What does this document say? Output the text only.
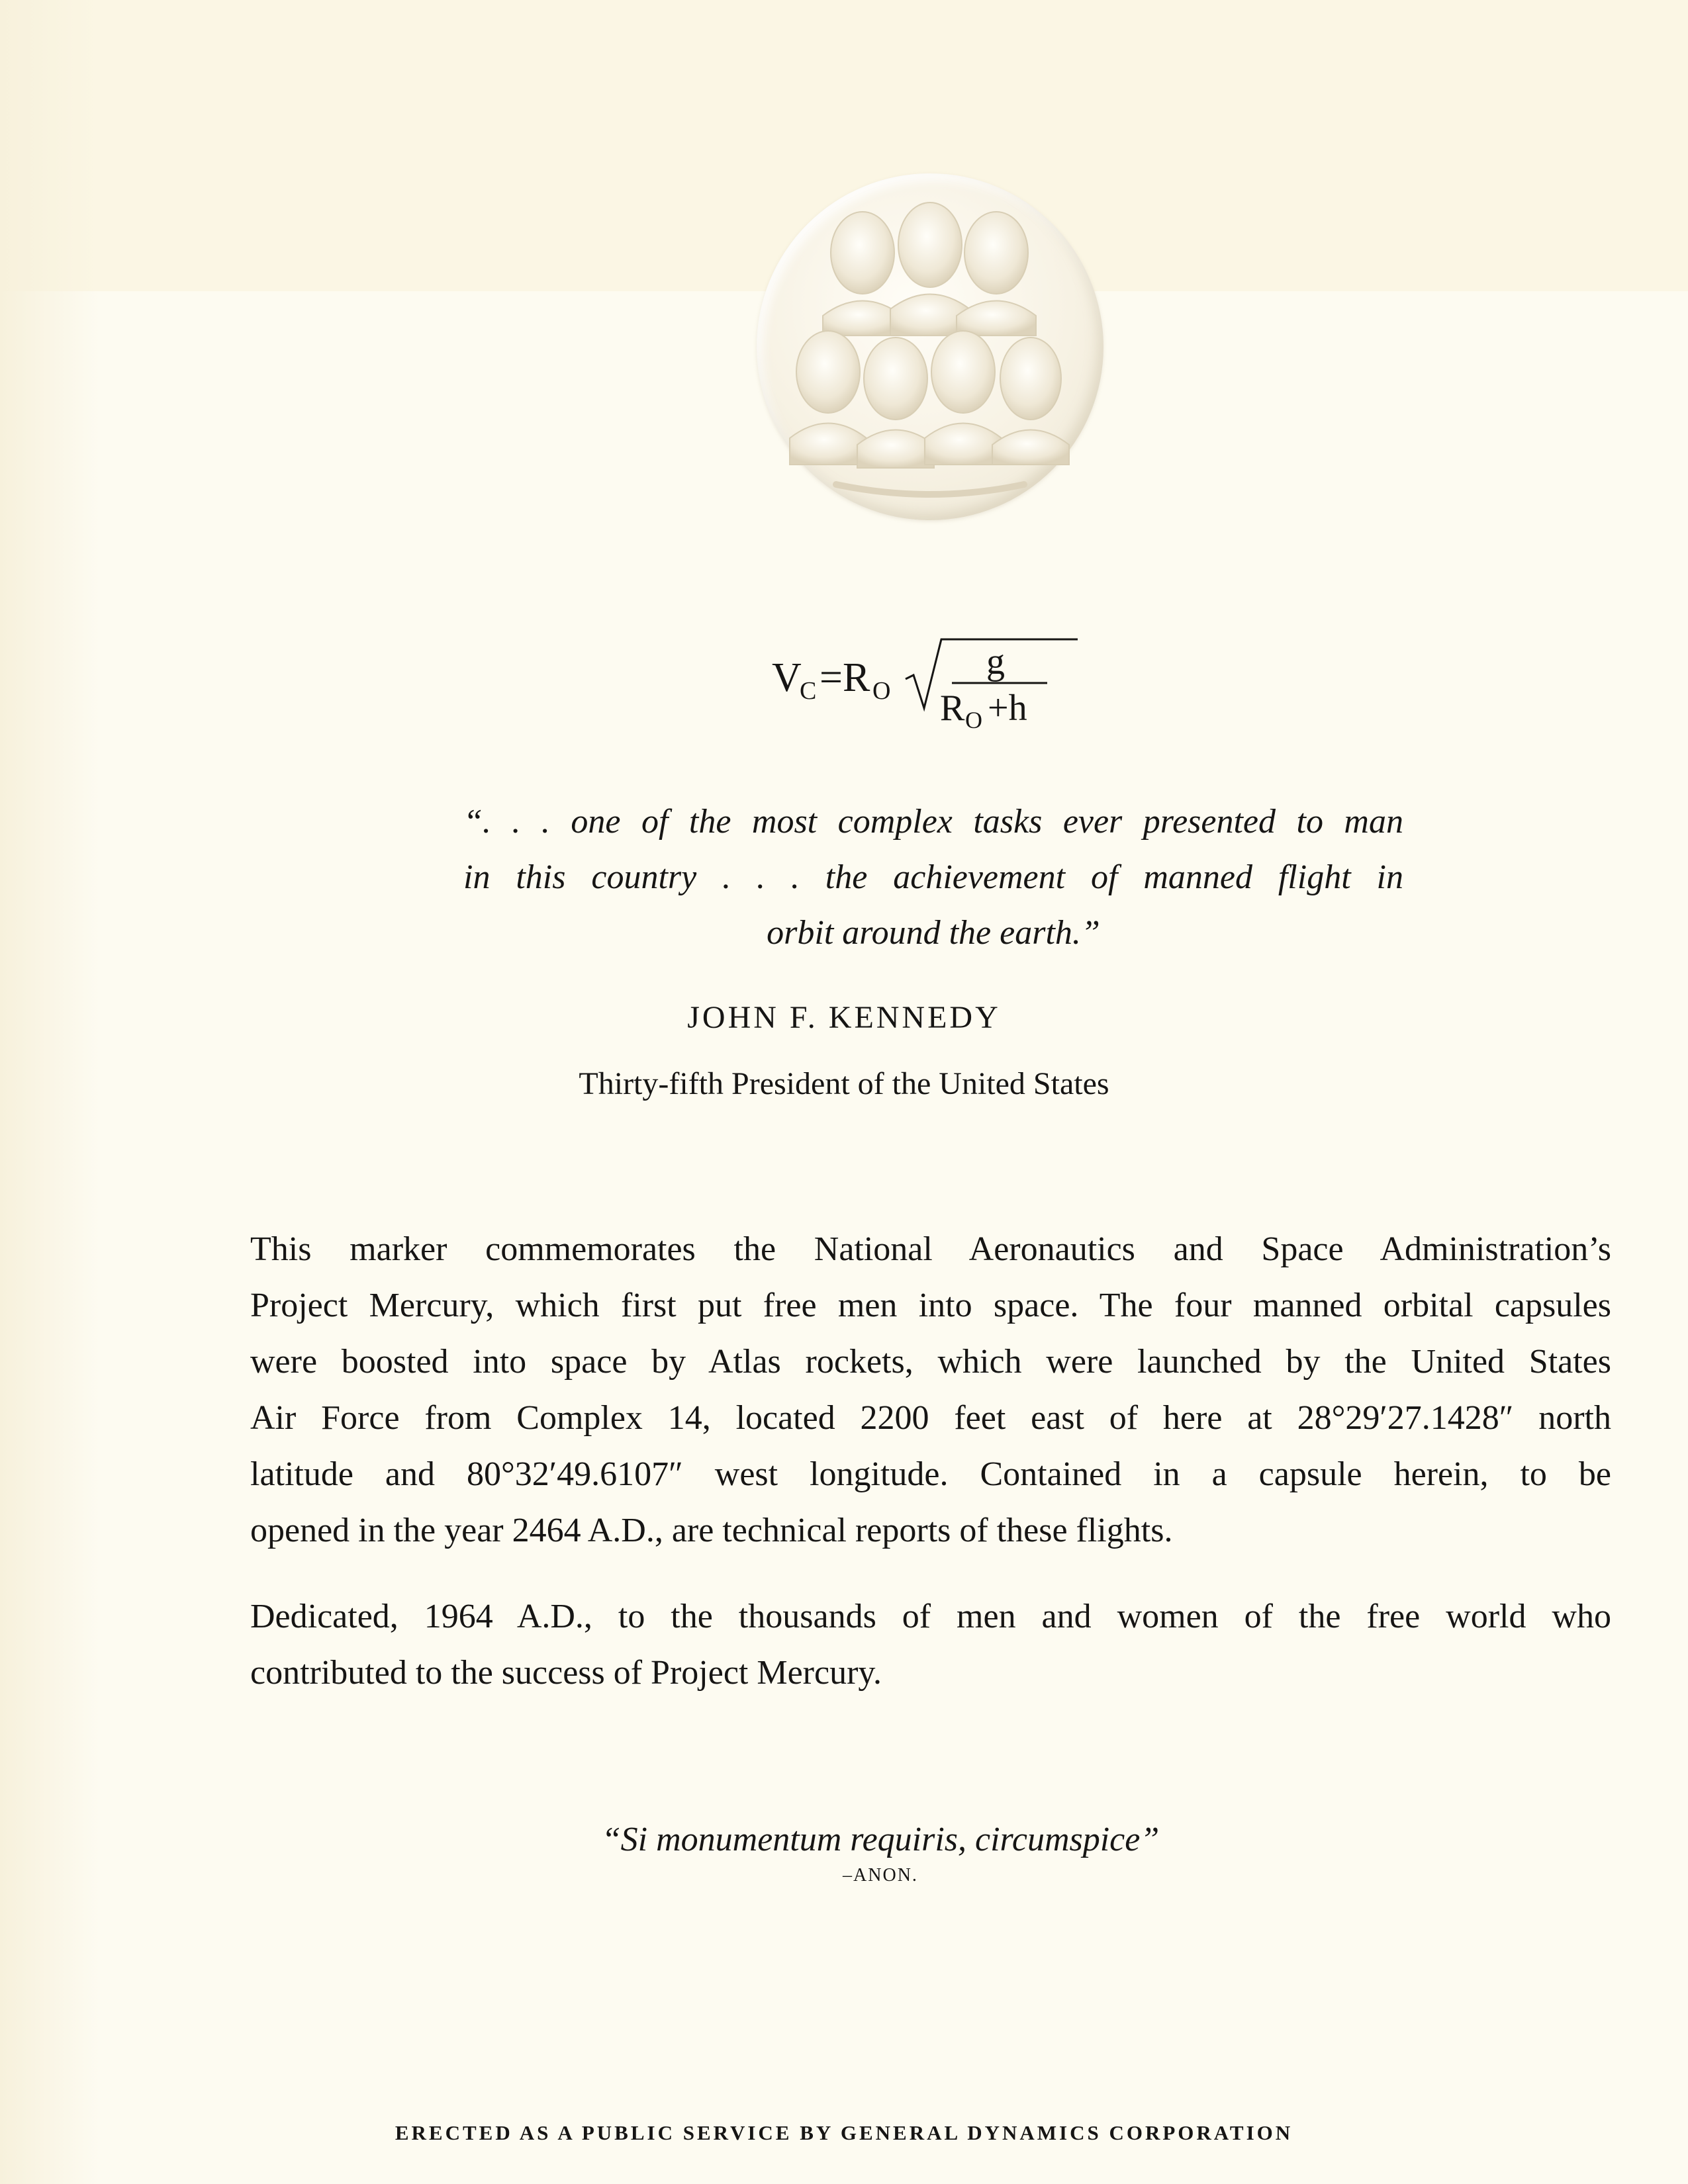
V
C =R O
g
R O +h
“. . . one of the most complex tasks ever presented to man
in this country . . . the achievement of manned flight in
orbit around the earth.”
JOHN F. KENNEDY
Thirty-fifth President of the United States
This marker commemorates the National Aeronautics and Space Administration’s
Project Mercury, which first put free men into space. The four manned orbital capsules
were boosted into space by Atlas rockets, which were launched by the United States
Air Force from Complex 14, located 2200 feet east of here at 28°29′27.1428″ north
latitude and 80°32′49.6107″ west longitude. Contained in a capsule herein, to be
opened in the year 2464 A.D., are technical reports of these flights.
Dedicated, 1964 A.D., to the thousands of men and women of the free world who
contributed to the success of Project Mercury.
“Si monumentum requiris, circumspice”
–ANON.
ERECTED AS A PUBLIC SERVICE BY GENERAL DYNAMICS CORPORATION
